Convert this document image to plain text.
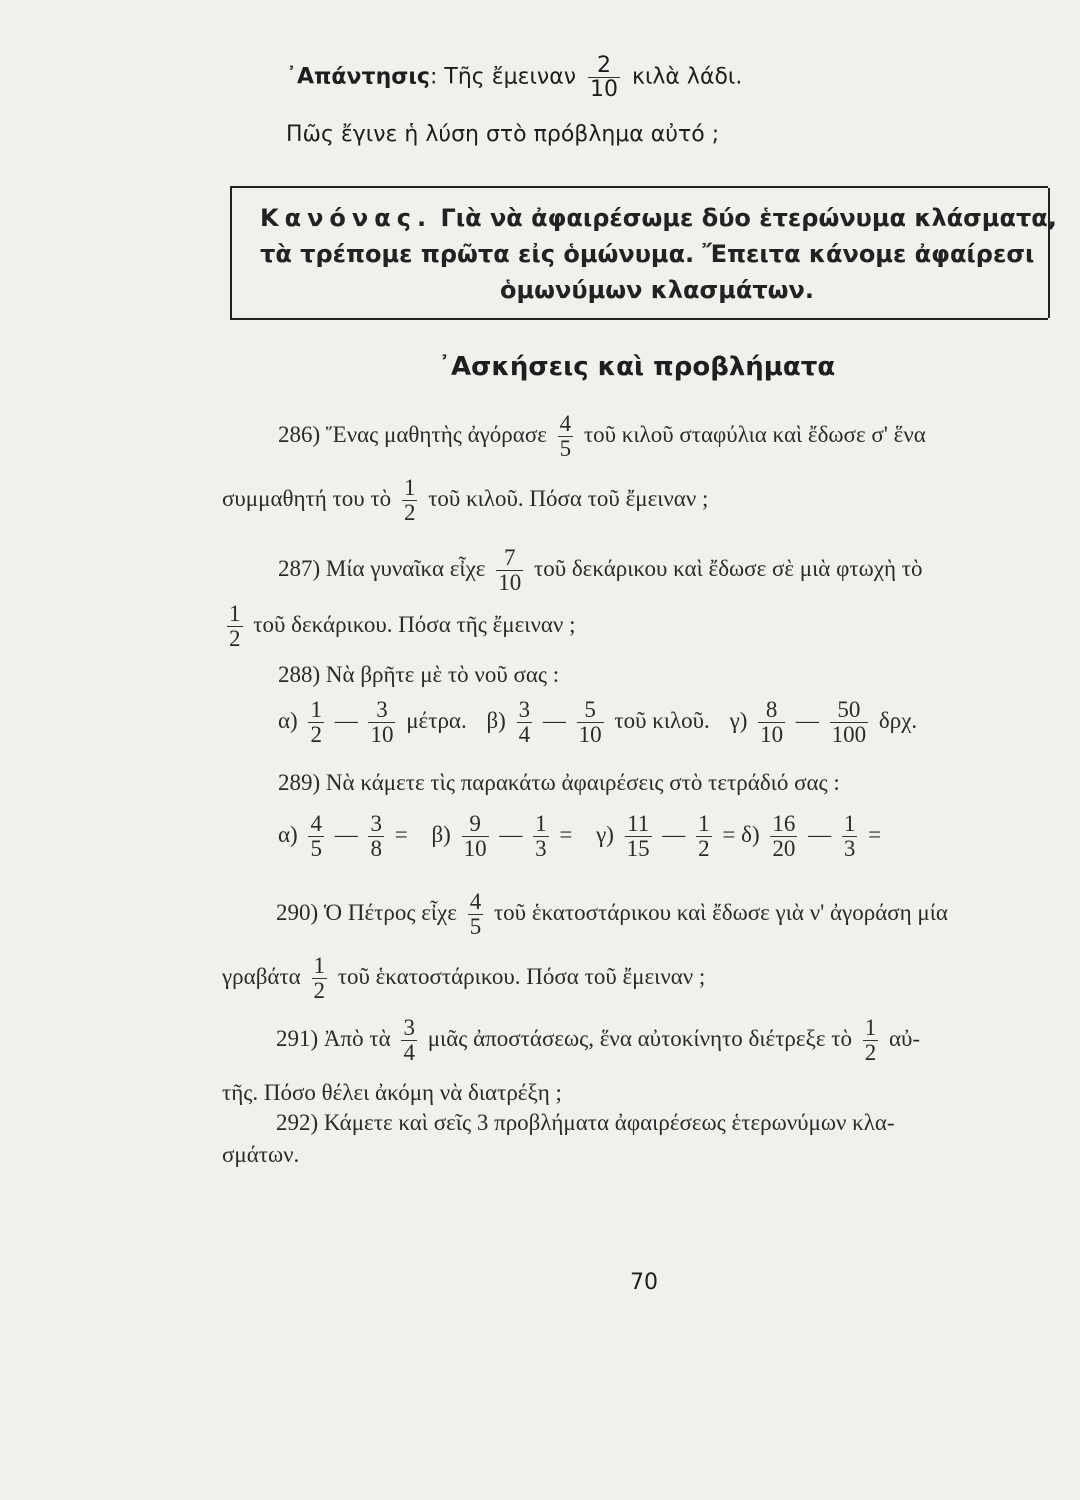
᾿Απάντησις: Τῆς ἔμειναν $\frac{2}{10}$ κιλὰ λάδι.
Πῶς ἔγινε ἡ λύση στὸ πρόβλημα αὐτό ;
Κανόνας. Γιὰ νὰ ἀφαιρέσωμε δύο ἑτερώνυμα κλάσματα,
τὰ τρέπομε πρῶτα εἰς ὁμώνυμα. Ἔπειτα κάνομε ἀφαίρεσι
ὁμωνύμων κλασμάτων.
᾿Ασκήσεις καὶ προβλήματα
286) Ἕνας μαθητὴς ἀγόρασε $\frac{4}{5}$ τοῦ κιλοῦ σταφύλια καὶ ἔδωσε σ' ἕνα
συμμαθητή του τὸ $\frac{1}{2}$ τοῦ κιλοῦ. Πόσα τοῦ ἔμειναν ;
287) Μία γυναῖκα εἶχε $\frac{7}{10}$ τοῦ δεκάρικου καὶ ἔδωσε σὲ μιὰ φτωχὴ τὸ
$\frac{1}{2}$ τοῦ δεκάρικου. Πόσα τῆς ἔμειναν ;
288) Νὰ βρῆτε μὲ τὸ νοῦ σας :
$\alpha) \frac{1}{2}$ — $\frac{3}{10} \mu έ\tau\rho\alpha$. $\beta) \frac{3}{4}$ — $\frac{5}{10}$ τοῦ κιλοῦ. $\gamma) \frac{8}{10}$ — $\frac{50}{100} \delta\rho\chi$.
289) Νὰ κάμετε τὶς παρακάτω ἀφαιρέσεις στὸ τετράδιό σας :
$\alpha) \frac{4}{5}$ — $\frac{3}{8} = \beta) \frac{9}{10}$ — $\frac{1}{3} = \gamma) \frac{11}{15}$ — $\frac{1}{2} = \delta) \frac{16}{20}$ — $\frac{1}{3}$ =
290) Ὁ Πέτρος εἶχε $\frac{4}{5}$ τοῦ ἑκατοστάρικου καὶ ἔδωσε γιὰ ν' ἀγοράση μία
γραβάτα $\frac{1}{2}$ τοῦ ἑκατοστάρικου. Πόσα τοῦ ἔμειναν ;
291) Ἀπὸ τὰ $\frac{3}{4}$ μιᾶς ἀποστάσεως, ἕνα αὐτοκίνητο διέτρεξε τὸ $\frac{1}{2}$ αὐ-
τῆς. Πόσο θέλει ἀκόμη νὰ διατρέξη ;
292) Κάμετε καὶ σεῖς 3 προβλήματα ἀφαιρέσεως ἑτερωνύμων κλα-
σμάτων.
70
